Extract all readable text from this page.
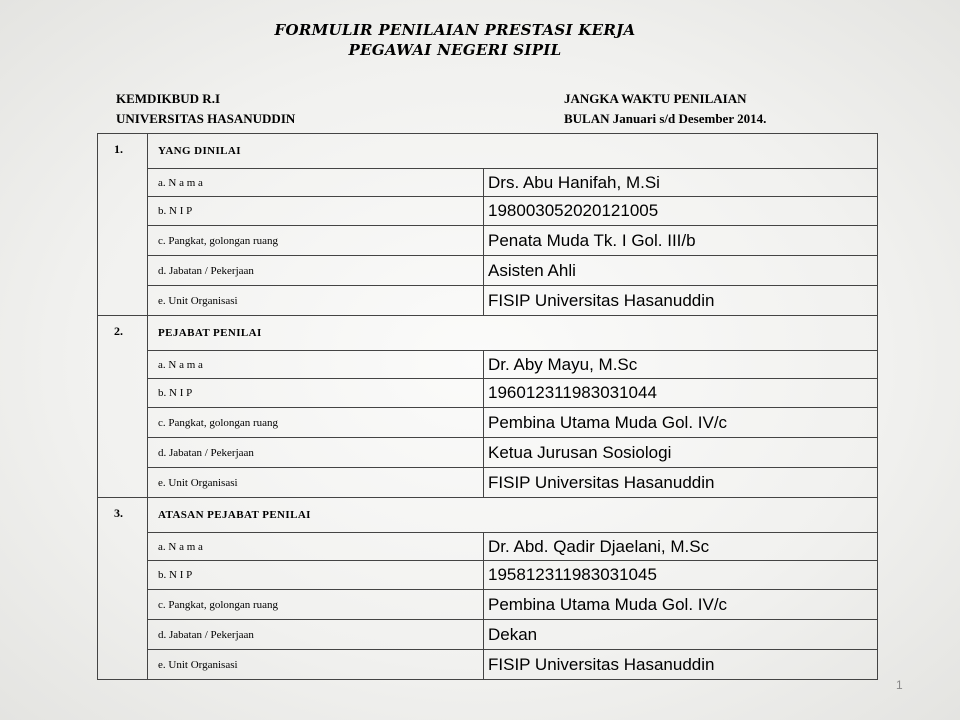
FORMULIR PENILAIAN PRESTASI KERJA
PEGAWAI NEGERI SIPIL
KEMDIKBUD R.I
UNIVERSITAS HASANUDDIN
JANGKA WAKTU PENILAIAN
BULAN Januari s/d Desember 2014.
1.	YANG DINILAI	
	a. N a m a	Drs. Abu Hanifah, M.Si
	b. N I P	198003052020121005
	c. Pangkat, golongan ruang	Penata Muda Tk. I Gol. III/b
	d. Jabatan / Pekerjaan	Asisten Ahli
	e. Unit Organisasi	FISIP Universitas Hasanuddin
2.	PEJABAT PENILAI	
	a. N a m a	Dr. Aby Mayu, M.Sc
	b. N I P	196012311983031044
	c. Pangkat, golongan ruang	Pembina Utama Muda Gol. IV/c
	d. Jabatan / Pekerjaan	Ketua Jurusan Sosiologi
	e. Unit Organisasi	FISIP Universitas Hasanuddin
3.	ATASAN PEJABAT PENILAI	
	a. N a m a	Dr. Abd. Qadir Djaelani, M.Sc
	b. N I P	195812311983031045
	c. Pangkat, golongan ruang	Pembina Utama Muda Gol. IV/c
	d. Jabatan / Pekerjaan	Dekan
	e. Unit Organisasi	FISIP Universitas Hasanuddin
1
